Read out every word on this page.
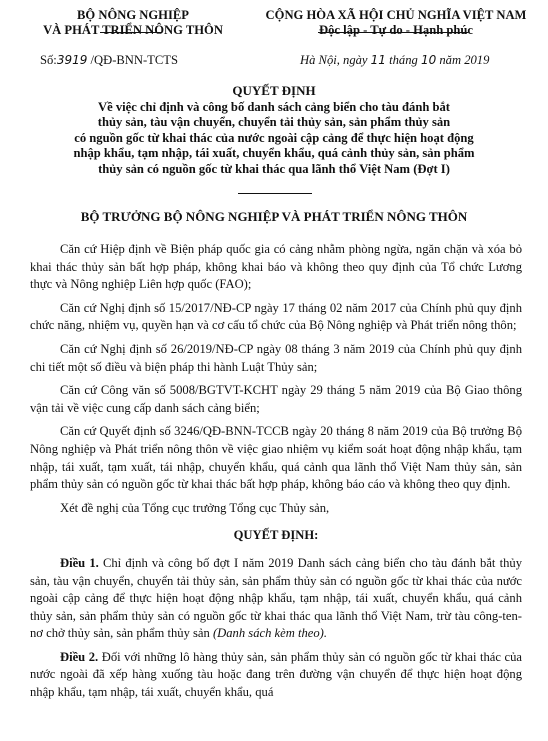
BỘ NÔNG NGHIỆP
VÀ PHÁT TRIỂN NÔNG THÔN
CỘNG HÒA XÃ HỘI CHỦ NGHĨA VIỆT NAM
Độc lập - Tự do - Hạnh phúc
Số:3919 /QĐ-BNN-TCTS	Hà Nội, ngày 11 tháng 10 năm 2019
QUYẾT ĐỊNH
Về việc chỉ định và công bố danh sách cảng biển cho tàu đánh bắt
thủy sản, tàu vận chuyển, chuyển tải thủy sản, sản phẩm thủy sản
có nguồn gốc từ khai thác của nước ngoài cập cảng để thực hiện hoạt động
nhập khẩu, tạm nhập, tái xuất, chuyển khẩu, quá cảnh thủy sản, sản phẩm
thủy sản có nguồn gốc từ khai thác qua lãnh thổ Việt Nam (Đợt I)
BỘ TRƯỞNG BỘ NÔNG NGHIỆP VÀ PHÁT TRIỂN NÔNG THÔN

Căn cứ Hiệp định về Biện pháp quốc gia có cảng nhằm phòng ngừa, ngăn chặn và xóa bỏ khai thác thủy sản bất hợp pháp, không khai báo và không theo quy định của Tổ chức Lương thực và Nông nghiệp Liên hợp quốc (FAO);

Căn cứ Nghị định số 15/2017/NĐ-CP ngày 17 tháng 02 năm 2017 của Chính phủ quy định chức năng, nhiệm vụ, quyền hạn và cơ cấu tổ chức của Bộ Nông nghiệp và Phát triển nông thôn;

Căn cứ Nghị định số 26/2019/NĐ-CP ngày 08 tháng 3 năm 2019 của Chính phủ quy định chi tiết một số điều và biện pháp thi hành Luật Thủy sản;

Căn cứ Công văn số 5008/BGTVT-KCHT ngày 29 tháng 5 năm 2019 của Bộ Giao thông vận tải về việc cung cấp danh sách cảng biển;

Căn cứ Quyết định số 3246/QĐ-BNN-TCCB ngày 20 tháng 8 năm 2019 của Bộ trưởng Bộ Nông nghiệp và Phát triển nông thôn về việc giao nhiệm vụ kiểm soát hoạt động nhập khẩu, tạm nhập, tái xuất, tạm xuất, tái nhập, chuyển khẩu, quá cảnh qua lãnh thổ Việt Nam thủy sản, sản phẩm thủy sản có nguồn gốc từ khai thác bất hợp pháp, không báo cáo và không theo quy định.

Xét đề nghị của Tổng cục trưởng Tổng cục Thủy sản,

QUYẾT ĐỊNH:

Điều 1. Chỉ định và công bố đợt I năm 2019 Danh sách cảng biển cho tàu đánh bắt thủy sản, tàu vận chuyển, chuyển tải thủy sản, sản phẩm thủy sản có nguồn gốc từ khai thác của nước ngoài cập cảng để thực hiện hoạt động nhập khẩu, tạm nhập, tái xuất, chuyển khẩu, quá cảnh thủy sản, sản phẩm thủy sản có nguồn gốc từ khai thác qua lãnh thổ Việt Nam, trừ tàu công-ten-nơ chở thủy sản, sản phẩm thủy sản (Danh sách kèm theo).

Điều 2. Đối với những lô hàng thủy sản, sản phẩm thủy sản có nguồn gốc từ khai thác của nước ngoài đã xếp hàng xuống tàu hoặc đang trên đường vận chuyển để thực hiện hoạt động nhập khẩu, tạm nhập, tái xuất, chuyển khẩu, quá
